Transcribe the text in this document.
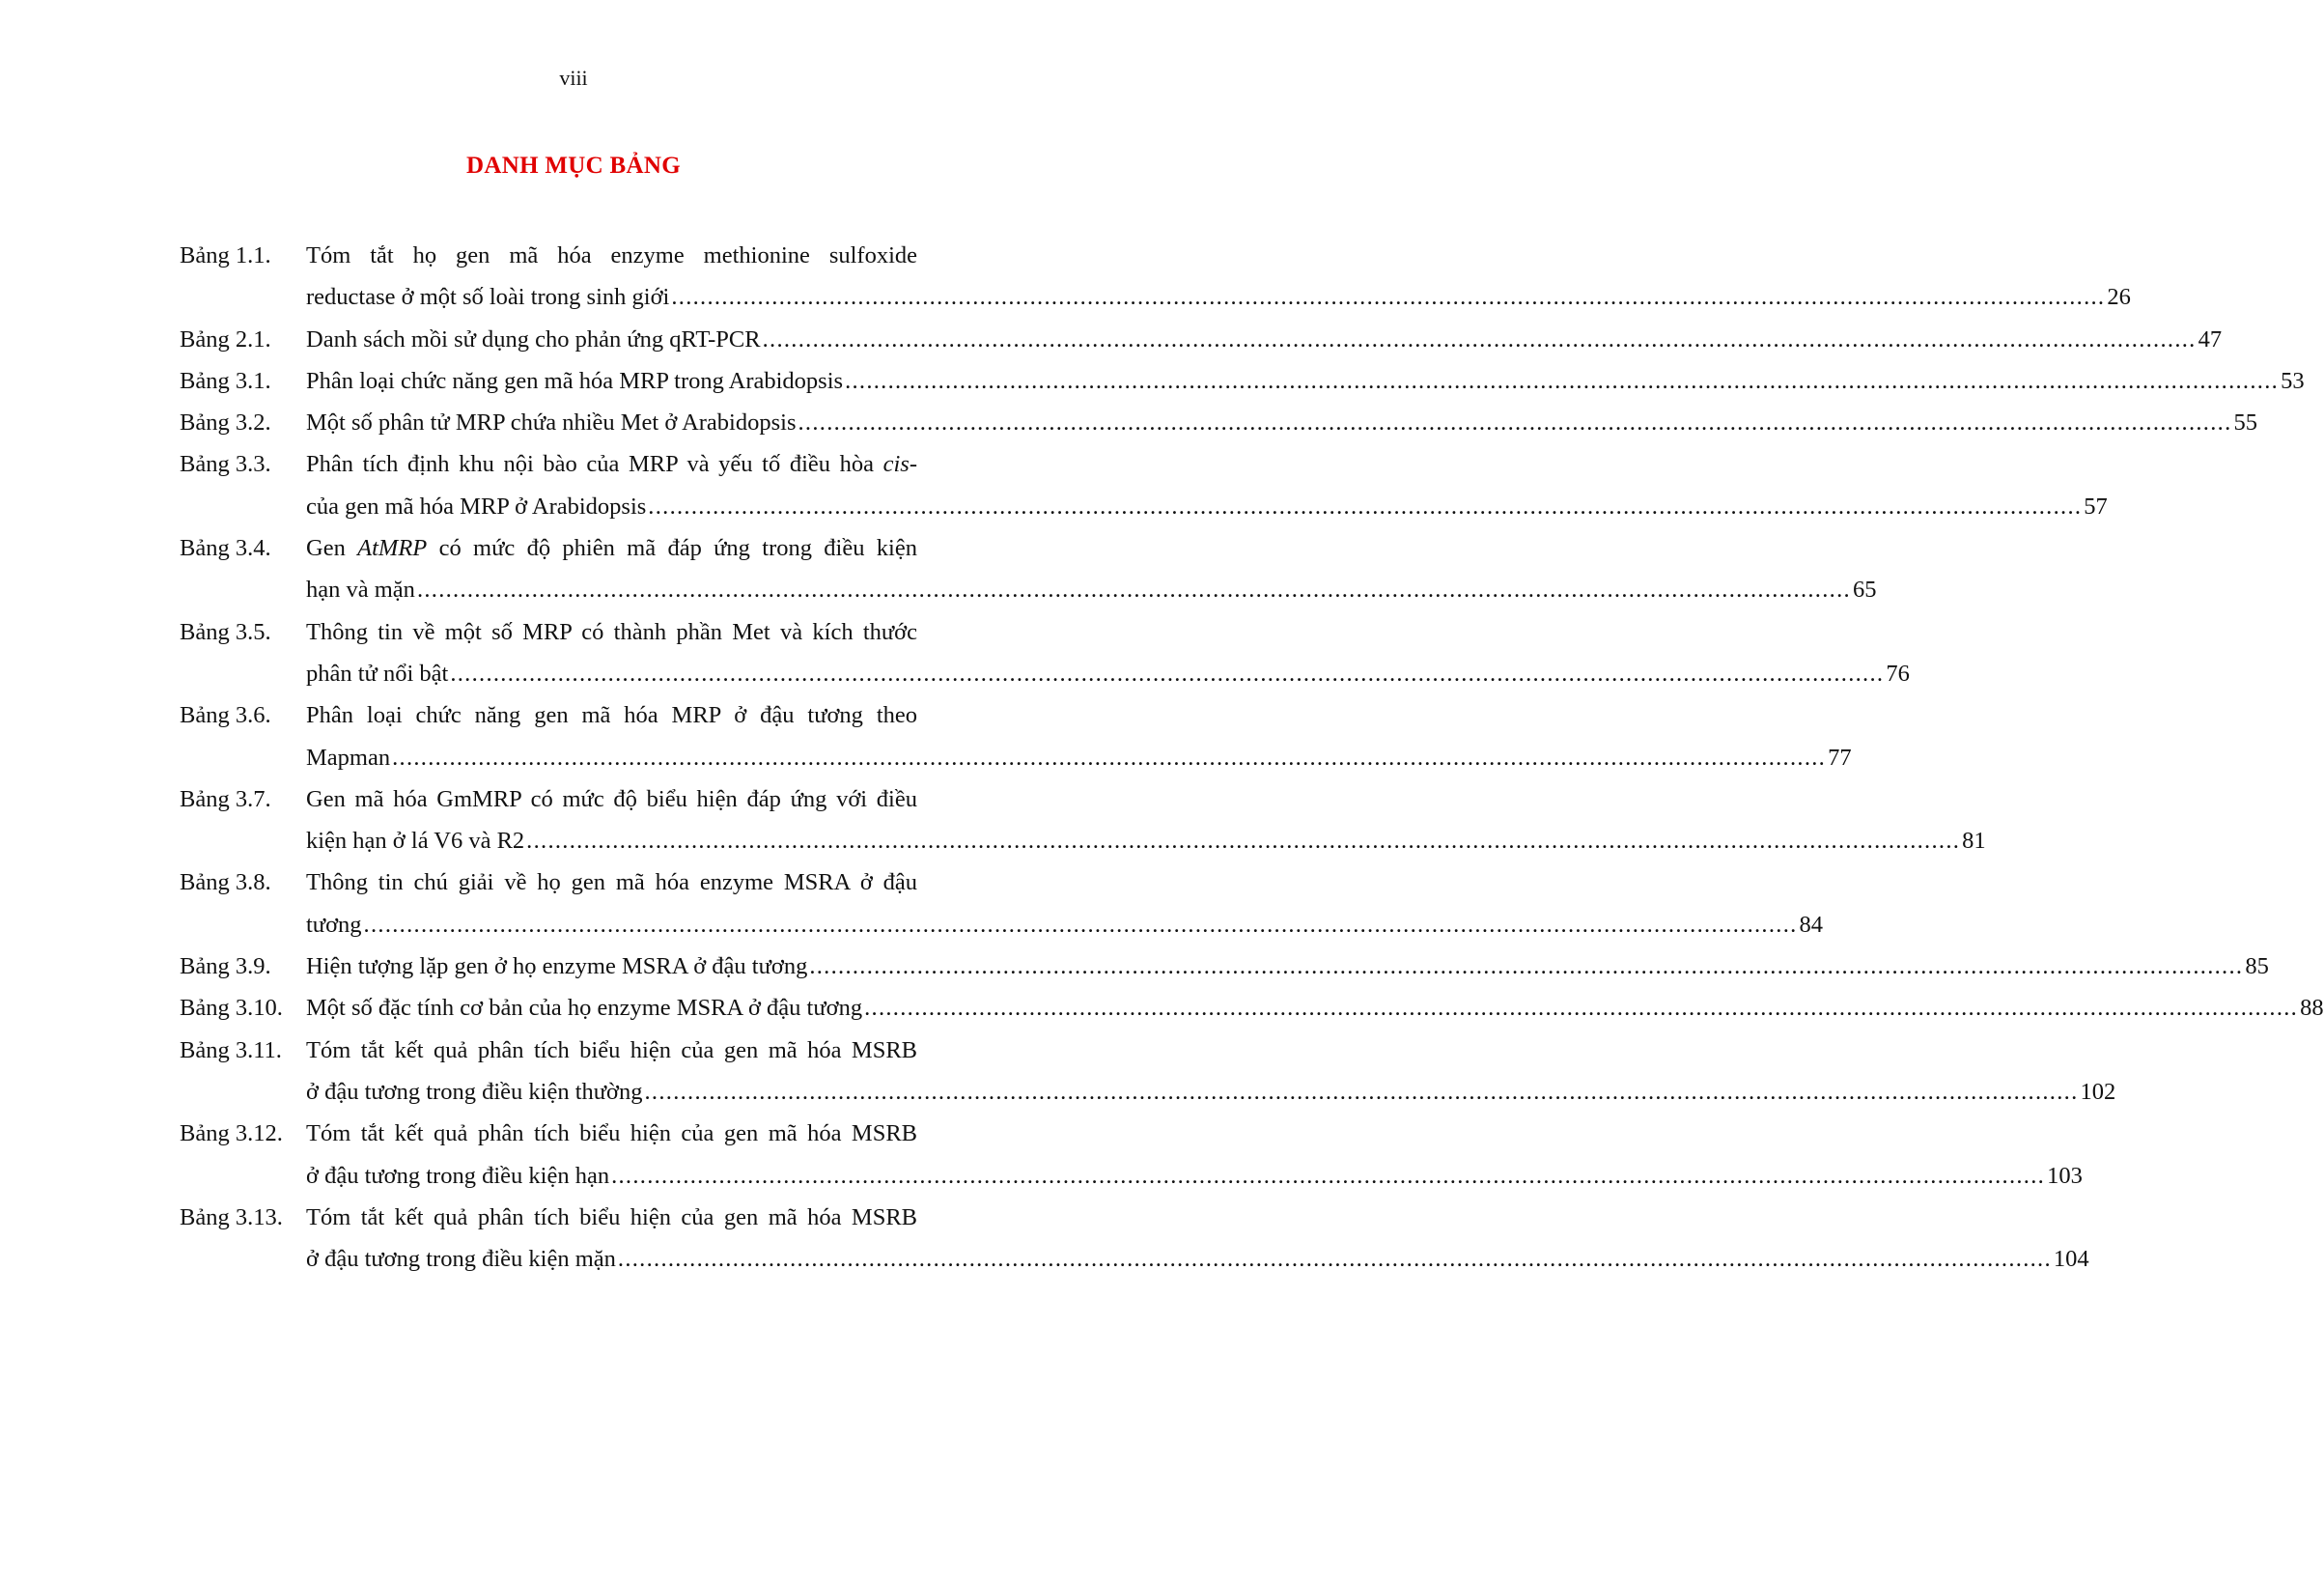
viii
DANH MỤC BẢNG
Bảng 1.1. Tóm tắt họ gen mã hóa enzyme methionine sulfoxide
reductase ở một số loài trong sinh giới ........................................................................................................................................................................................................ 26
Bảng 2.1. Danh sách mồi sử dụng cho phản ứng qRT-PCR ........................................................................................................................................................................................................ 47
Bảng 3.1. Phân loại chức năng gen mã hóa MRP trong Arabidopsis ........................................................................................................................................................................................................ 53
Bảng 3.2. Một số phân tử MRP chứa nhiều Met ở Arabidopsis ........................................................................................................................................................................................................ 55
Bảng 3.3. Phân tích định khu nội bào của MRP và yếu tố điều hòa cis-
của gen mã hóa MRP ở Arabidopsis ........................................................................................................................................................................................................ 57
Bảng 3.4. Gen AtMRP có mức độ phiên mã đáp ứng trong điều kiện
hạn và mặn ........................................................................................................................................................................................................ 65
Bảng 3.5. Thông tin về một số MRP có thành phần Met và kích thước
phân tử nổi bật ........................................................................................................................................................................................................ 76
Bảng 3.6. Phân loại chức năng gen mã hóa MRP ở đậu tương theo
Mapman ........................................................................................................................................................................................................ 77
Bảng 3.7. Gen mã hóa GmMRP có mức độ biểu hiện đáp ứng với điều
kiện hạn ở lá V6 và R2 ........................................................................................................................................................................................................ 81
Bảng 3.8. Thông tin chú giải về họ gen mã hóa enzyme MSRA ở đậu
tương ........................................................................................................................................................................................................ 84
Bảng 3.9. Hiện tượng lặp gen ở họ enzyme MSRA ở đậu tương ........................................................................................................................................................................................................ 85
Bảng 3.10. Một số đặc tính cơ bản của họ enzyme MSRA ở đậu tương ........................................................................................................................................................................................................ 88
Bảng 3.11. Tóm tắt kết quả phân tích biểu hiện của gen mã hóa MSRB
ở đậu tương trong điều kiện thường ........................................................................................................................................................................................................ 102
Bảng 3.12. Tóm tắt kết quả phân tích biểu hiện của gen mã hóa MSRB
ở đậu tương trong điều kiện hạn ........................................................................................................................................................................................................ 103
Bảng 3.13. Tóm tắt kết quả phân tích biểu hiện của gen mã hóa MSRB
ở đậu tương trong điều kiện mặn ........................................................................................................................................................................................................ 104
